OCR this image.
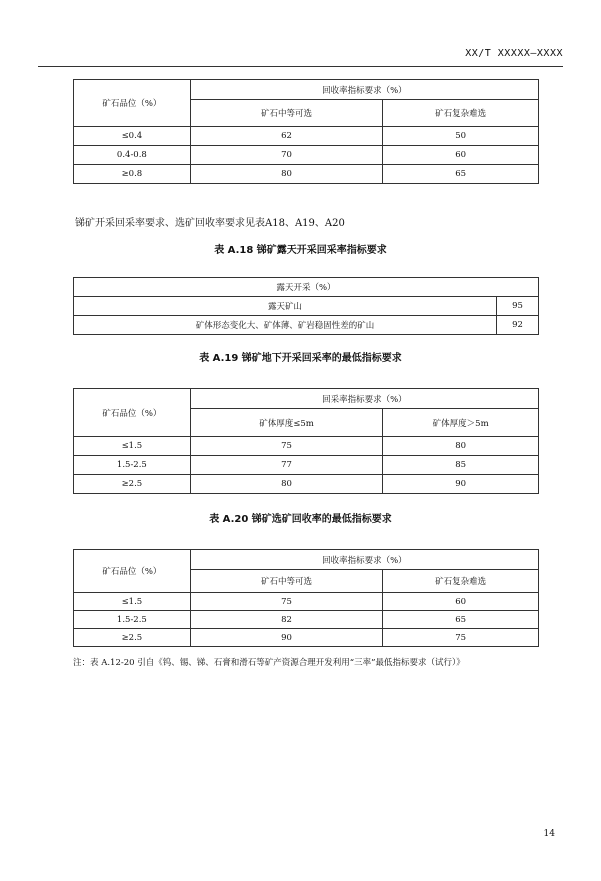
XX/T XXXXX—XXXX
矿石品位（%）	回收率指标要求（%）	
	矿石中等可选	矿石复杂难选
≤0.4	62	50
0.4-0.8	70	60
≥0.8	80	65
锑矿开采回采率要求、选矿回收率要求见表A18、A19、A20
表 A.18 锑矿露天开采回采率指标要求
露天开采（%）	
露天矿山	95
矿体形态变化大、矿体薄、矿岩稳固性差的矿山	92
表 A.19 锑矿地下开采回采率的最低指标要求
矿石品位（%）	回采率指标要求（%）	
	矿体厚度≤5m	矿体厚度＞5m
≤1.5	75	80
1.5-2.5	77	85
≥2.5	80	90
表 A.20 锑矿选矿回收率的最低指标要求
矿石品位（%）	回收率指标要求（%）	
	矿石中等可选	矿石复杂难选
≤1.5	75	60
1.5-2.5	82	65
≥2.5	90	75
注：表 A.12-20 引自《钨、锡、锑、石膏和滑石等矿产资源合理开发利用“三率”最低指标要求（试行）》
14
